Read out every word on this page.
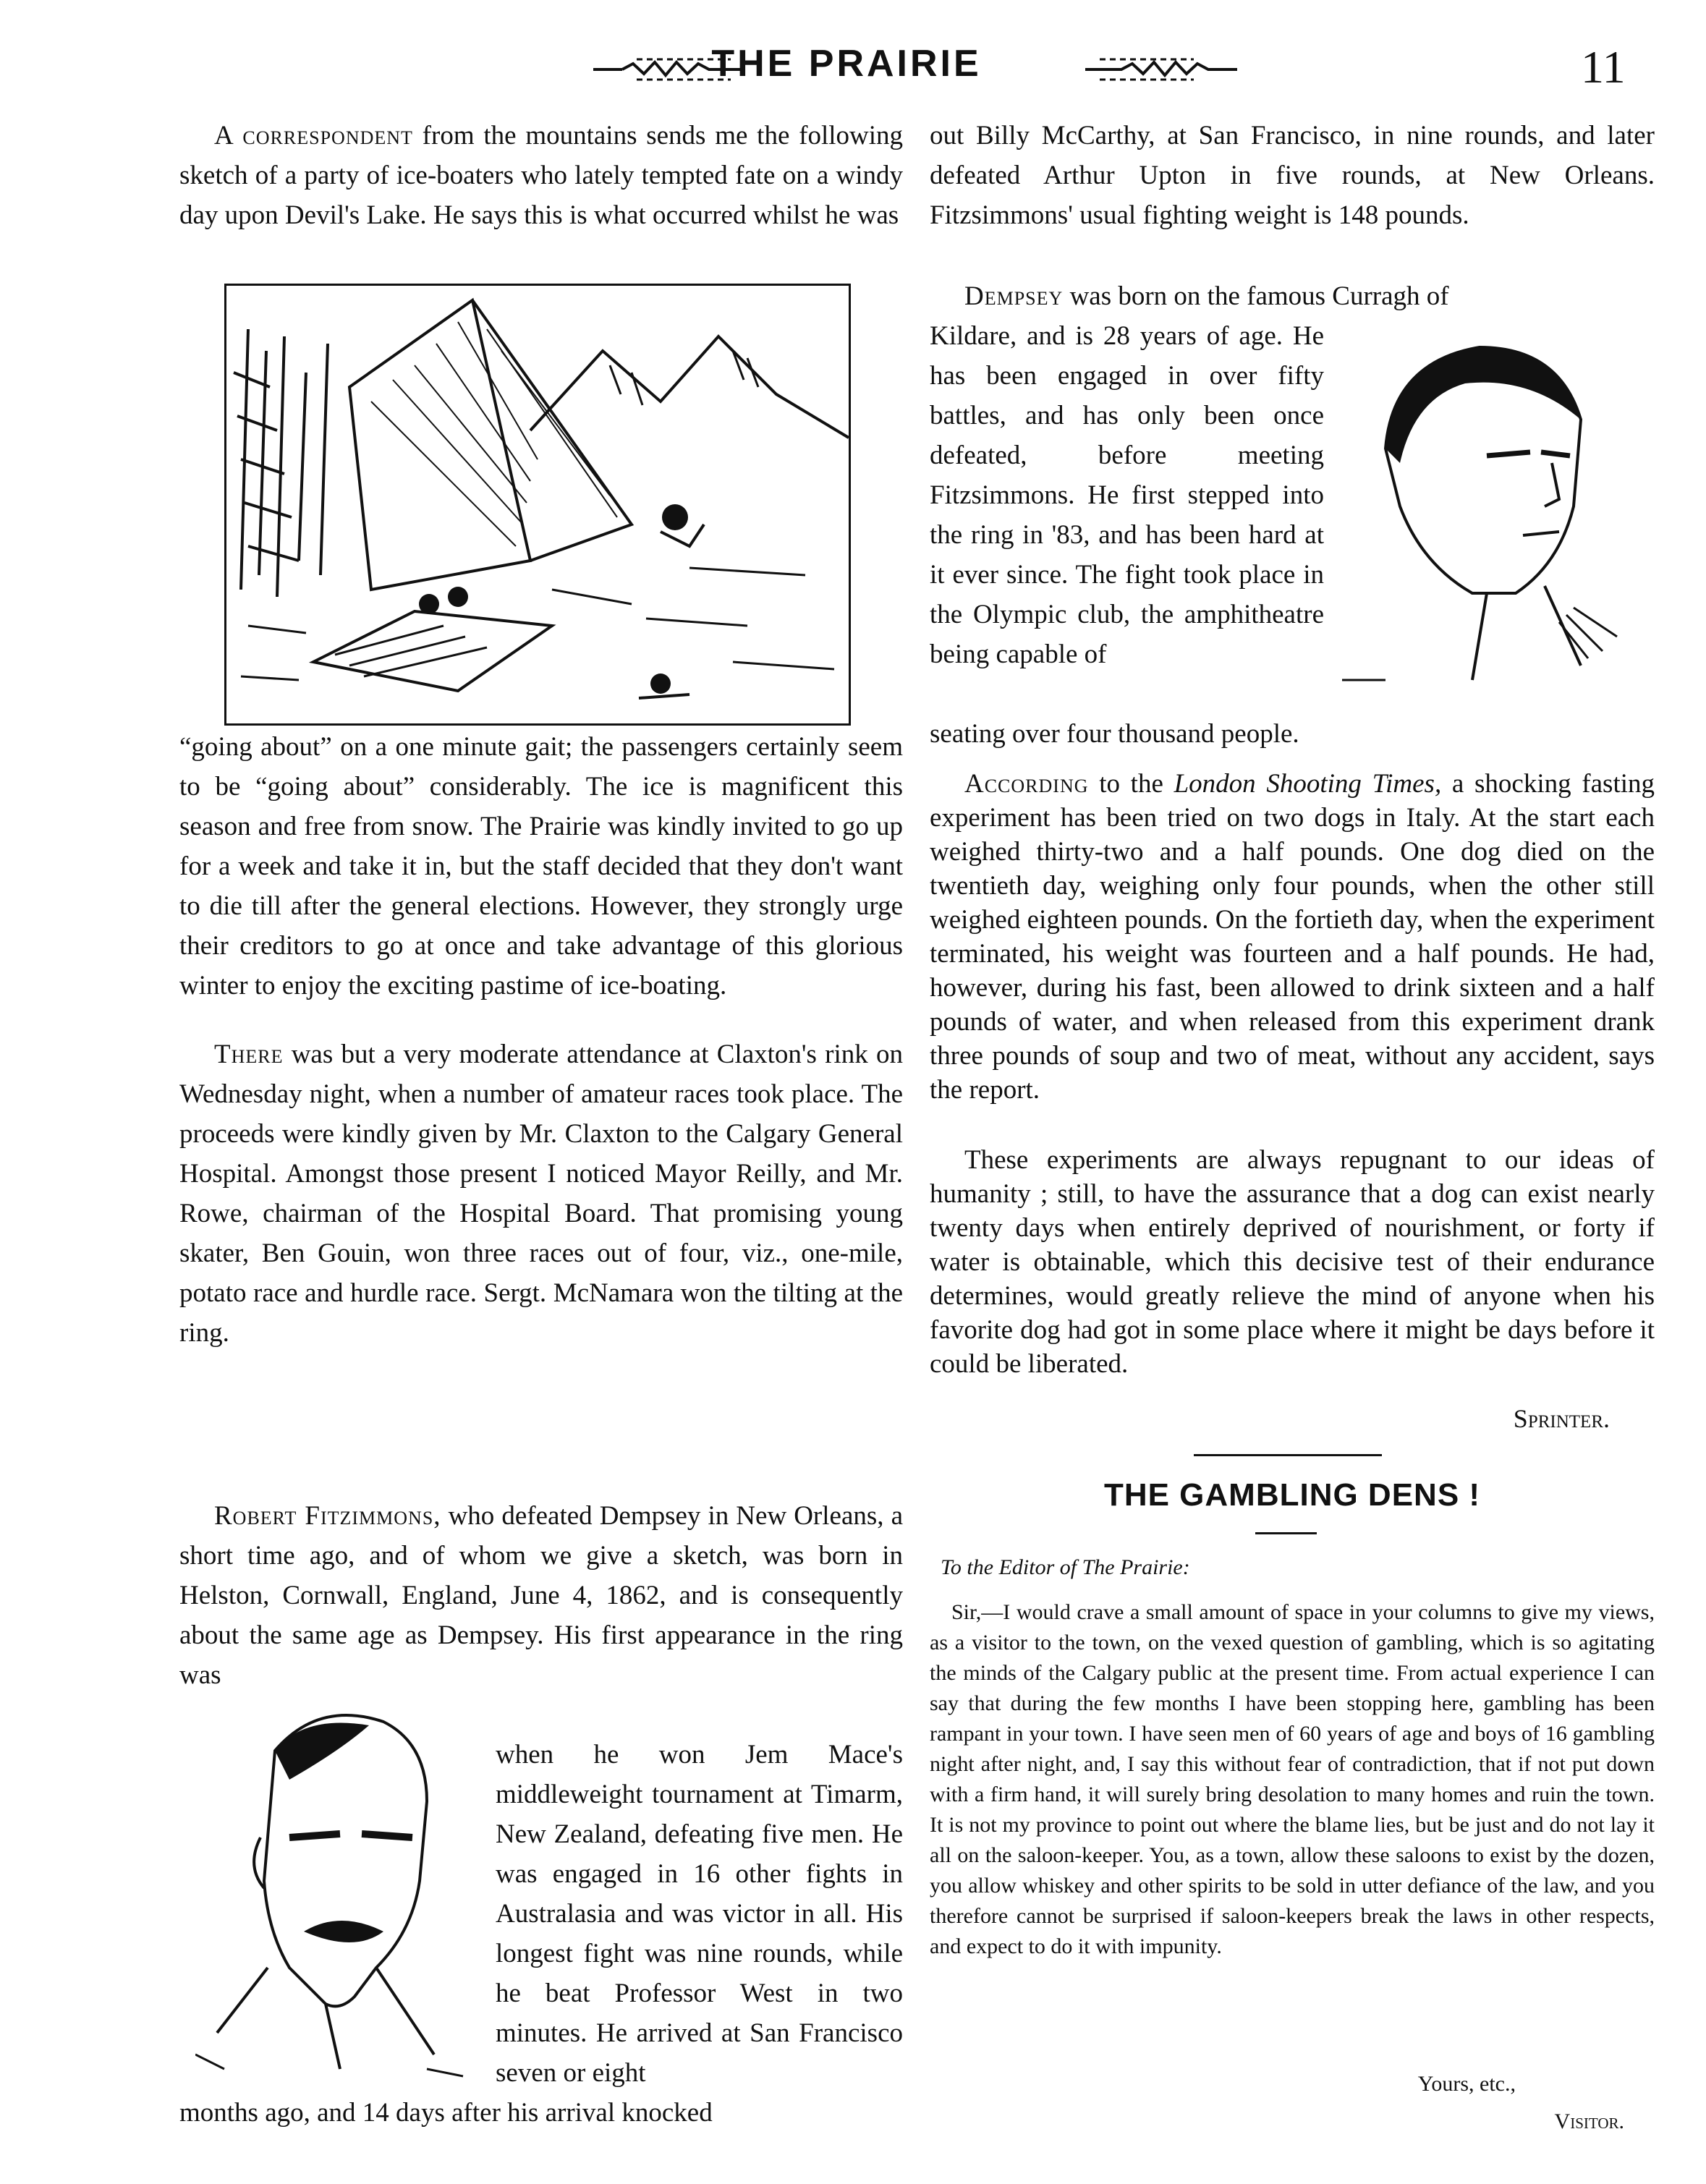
THE PRAIRIE	11

A correspondent from the mountains sends me the following sketch of a party of ice-boaters who lately tempted fate on a windy day upon Devil's Lake. He says this is what occurred whilst he was

“going about” on a one minute gait; the passengers certainly seem to be “going about” considerably. The ice is magnificent this season and free from snow. The Prairie was kindly invited to go up for a week and take it in, but the staff decided that they don't want to die till after the general elections. However, they strongly urge their creditors to go at once and take advantage of this glorious winter to enjoy the exciting pastime of ice-boating.

There was but a very moderate attendance at Claxton's rink on Wednesday night, when a number of amateur races took place. The proceeds were kindly given by Mr. Claxton to the Calgary General Hospital. Amongst those present I noticed Mayor Reilly, and Mr. Rowe, chairman of the Hospital Board. That promising young skater, Ben Gouin, won three races out of four, viz., one-mile, potato race and hurdle race. Sergt. McNamara won the tilting at the ring.

Robert Fitzimmons, who defeated Dempsey in New Orleans, a short time ago, and of whom we give a sketch, was born in Helston, Cornwall, England, June 4, 1862, and is consequently about the same age as Dempsey. His first appearance in the ring was

when he won Jem Mace's middleweight tournament at Timarm, New Zealand, defeating five men. He was engaged in 16 other fights in Australasia and was victor in all. His longest fight was nine rounds, while he beat Professor West in two minutes. He arrived at San Francisco seven or eight

months ago, and 14 days after his arrival knocked

out Billy McCarthy, at San Francisco, in nine rounds, and later defeated Arthur Upton in five rounds, at New Orleans. Fitzsimmons' usual fighting weight is 148 pounds.

Dempsey was born on the famous Curragh of

Kildare, and is 28 years of age. He has been engaged in over fifty battles, and has only been once defeated, before meeting Fitzsimmons. He first stepped into the ring in '83, and has been hard at it ever since. The fight took place in the Olympic club, the amphitheatre being capable of

seating over four thousand people.

According to the London Shooting Times, a shocking fasting experiment has been tried on two dogs in Italy. At the start each weighed thirty-two and a half pounds. One dog died on the twentieth day, weighing only four pounds, when the other still weighed eighteen pounds. On the fortieth day, when the experiment terminated, his weight was fourteen and a half pounds. He had, however, during his fast, been allowed to drink sixteen and a half pounds of water, and when released from this experiment drank three pounds of soup and two of meat, without any accident, says the report.

These experiments are always repugnant to our ideas of humanity ; still, to have the assurance that a dog can exist nearly twenty days when entirely deprived of nourishment, or forty if water is obtainable, which this decisive test of their endurance determines, would greatly relieve the mind of anyone when his favorite dog had got in some place where it might be days before it could be liberated.

Sprinter.
THE GAMBLING DENS !
To the Editor of The Prairie:

Sir,—I would crave a small amount of space in your columns to give my views, as a visitor to the town, on the vexed question of gambling, which is so agitating the minds of the Calgary public at the present time. From actual experience I can say that during the few months I have been stopping here, gambling has been rampant in your town. I have seen men of 60 years of age and boys of 16 gambling night after night, and, I say this without fear of contradiction, that if not put down with a firm hand, it will surely bring desolation to many homes and ruin the town. It is not my province to point out where the blame lies, but be just and do not lay it all on the saloon-keeper. You, as a town, allow these saloons to exist by the dozen, you allow whiskey and other spirits to be sold in utter defiance of the law, and you therefore cannot be surprised if saloon-keepers break the laws in other respects, and expect to do it with impunity.

Yours, etc.,
Visitor.
